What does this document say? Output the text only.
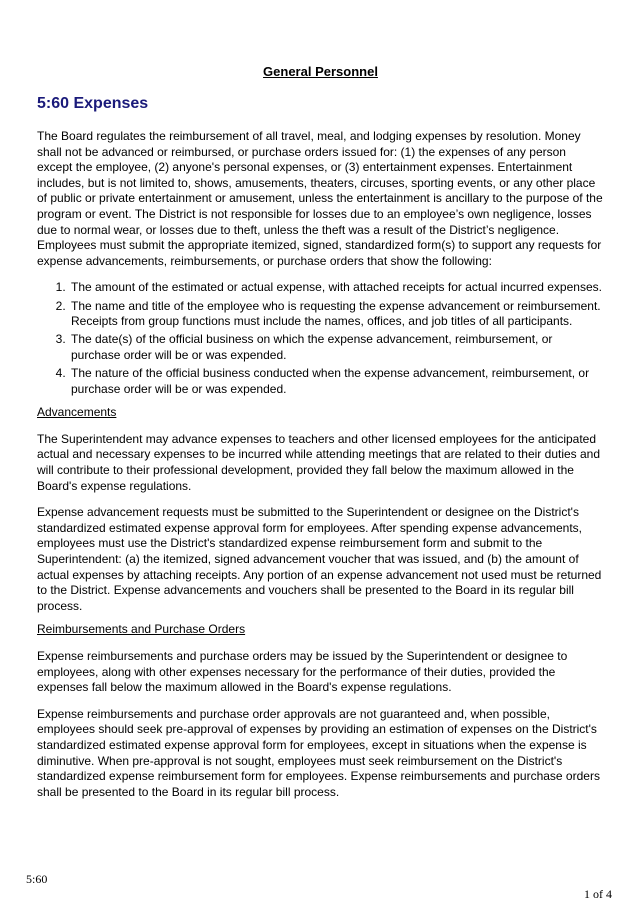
General Personnel
5:60 Expenses

The Board regulates the reimbursement of all travel, meal, and lodging expenses by resolution. Money shall not be advanced or reimbursed, or purchase orders issued for: (1) the expenses of any person except the employee, (2) anyone's personal expenses, or (3) entertainment expenses. Entertainment includes, but is not limited to, shows, amusements, theaters, circuses, sporting events, or any other place of public or private entertainment or amusement, unless the entertainment is ancillary to the purpose of the program or event. The District is not responsible for losses due to an employee’s own negligence, losses due to normal wear, or losses due to theft, unless the theft was a result of the District’s negligence. Employees must submit the appropriate itemized, signed, standardized form(s) to support any requests for expense advancements, reimbursements, or purchase orders that show the following:

1. The amount of the estimated or actual expense, with attached receipts for actual incurred expenses.
2. The name and title of the employee who is requesting the expense advancement or reimbursement. Receipts from group functions must include the names, offices, and job titles of all participants.
3. The date(s) of the official business on which the expense advancement, reimbursement, or purchase order will be or was expended.
4. The nature of the official business conducted when the expense advancement, reimbursement, or purchase order will be or was expended.

Advancements

The Superintendent may advance expenses to teachers and other licensed employees for the anticipated actual and necessary expenses to be incurred while attending meetings that are related to their duties and will contribute to their professional development, provided they fall below the maximum allowed in the Board's expense regulations.

Expense advancement requests must be submitted to the Superintendent or designee on the District's standardized estimated expense approval form for employees. After spending expense advancements, employees must use the District's standardized expense reimbursement form and submit to the Superintendent: (a) the itemized, signed advancement voucher that was issued, and (b) the amount of actual expenses by attaching receipts. Any portion of an expense advancement not used must be returned to the District. Expense advancements and vouchers shall be presented to the Board in its regular bill process.

Reimbursements and Purchase Orders

Expense reimbursements and purchase orders may be issued by the Superintendent or designee to employees, along with other expenses necessary for the performance of their duties, provided the expenses fall below the maximum allowed in the Board's expense regulations.

Expense reimbursements and purchase order approvals are not guaranteed and, when possible, employees should seek pre-approval of expenses by providing an estimation of expenses on the District's standardized estimated expense approval form for employees, except in situations when the expense is diminutive. When pre-approval is not sought, employees must seek reimbursement on the District's standardized expense reimbursement form for employees. Expense reimbursements and purchase orders shall be presented to the Board in its regular bill process.

5:60
1 of 4
